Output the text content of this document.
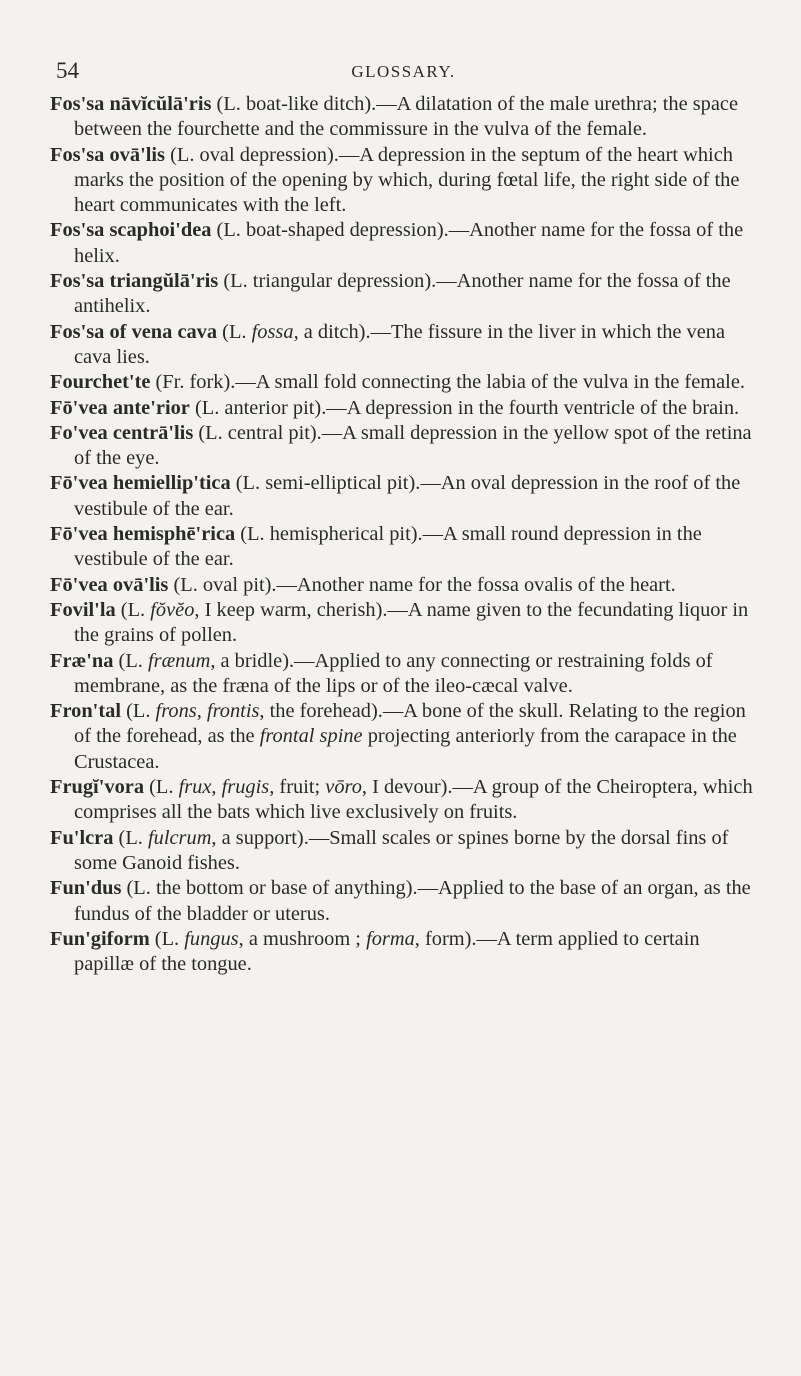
54	GLOSSARY.

Fos'sa nāvĭcŭlā'ris (L. boat-like ditch).—A dilatation of the male urethra; the space between the fourchette and the commissure in the vulva of the female.

Fos'sa ovā'lis (L. oval depression).—A depression in the septum of the heart which marks the position of the opening by which, during fœtal life, the right side of the heart communicates with the left.

Fos'sa scaphoi'dea (L. boat-shaped depression).—Another name for the fossa of the helix.

Fos'sa triangŭlā'ris (L. triangular depression).—Another name for the fossa of the antihelix.

Fos'sa of vena cava (L. fossa, a ditch).—The fissure in the liver in which the vena cava lies.

Fourchet'te (Fr. fork).—A small fold connecting the labia of the vulva in the female.

Fō'vea ante'rior (L. anterior pit).—A depression in the fourth ventricle of the brain.

Fo'vea centrā'lis (L. central pit).—A small depression in the yellow spot of the retina of the eye.

Fō'vea hemiellip'tica (L. semi-elliptical pit).—An oval depression in the roof of the vestibule of the ear.

Fō'vea hemisphē'rica (L. hemispherical pit).—A small round depression in the vestibule of the ear.

Fō'vea ovā'lis (L. oval pit).—Another name for the fossa ovalis of the heart.

Fovil'la (L. fŏvĕo, I keep warm, cherish).—A name given to the fecundating liquor in the grains of pollen.

Fræ'na (L. frænum, a bridle).—Applied to any connecting or restraining folds of membrane, as the fræna of the lips or of the ileo-cæcal valve.

Fron'tal (L. frons, frontis, the forehead).—A bone of the skull. Relating to the region of the forehead, as the frontal spine projecting anteriorly from the carapace in the Crustacea.

Frugĭ'vora (L. frux, frugis, fruit; vōro, I devour).—A group of the Cheiroptera, which comprises all the bats which live exclusively on fruits.

Fu'lcra (L. fulcrum, a support).—Small scales or spines borne by the dorsal fins of some Ganoid fishes.

Fun'dus (L. the bottom or base of anything).—Applied to the base of an organ, as the fundus of the bladder or uterus.

Fun'giform (L. fungus, a mushroom ; forma, form).—A term applied to certain papillæ of the tongue.
